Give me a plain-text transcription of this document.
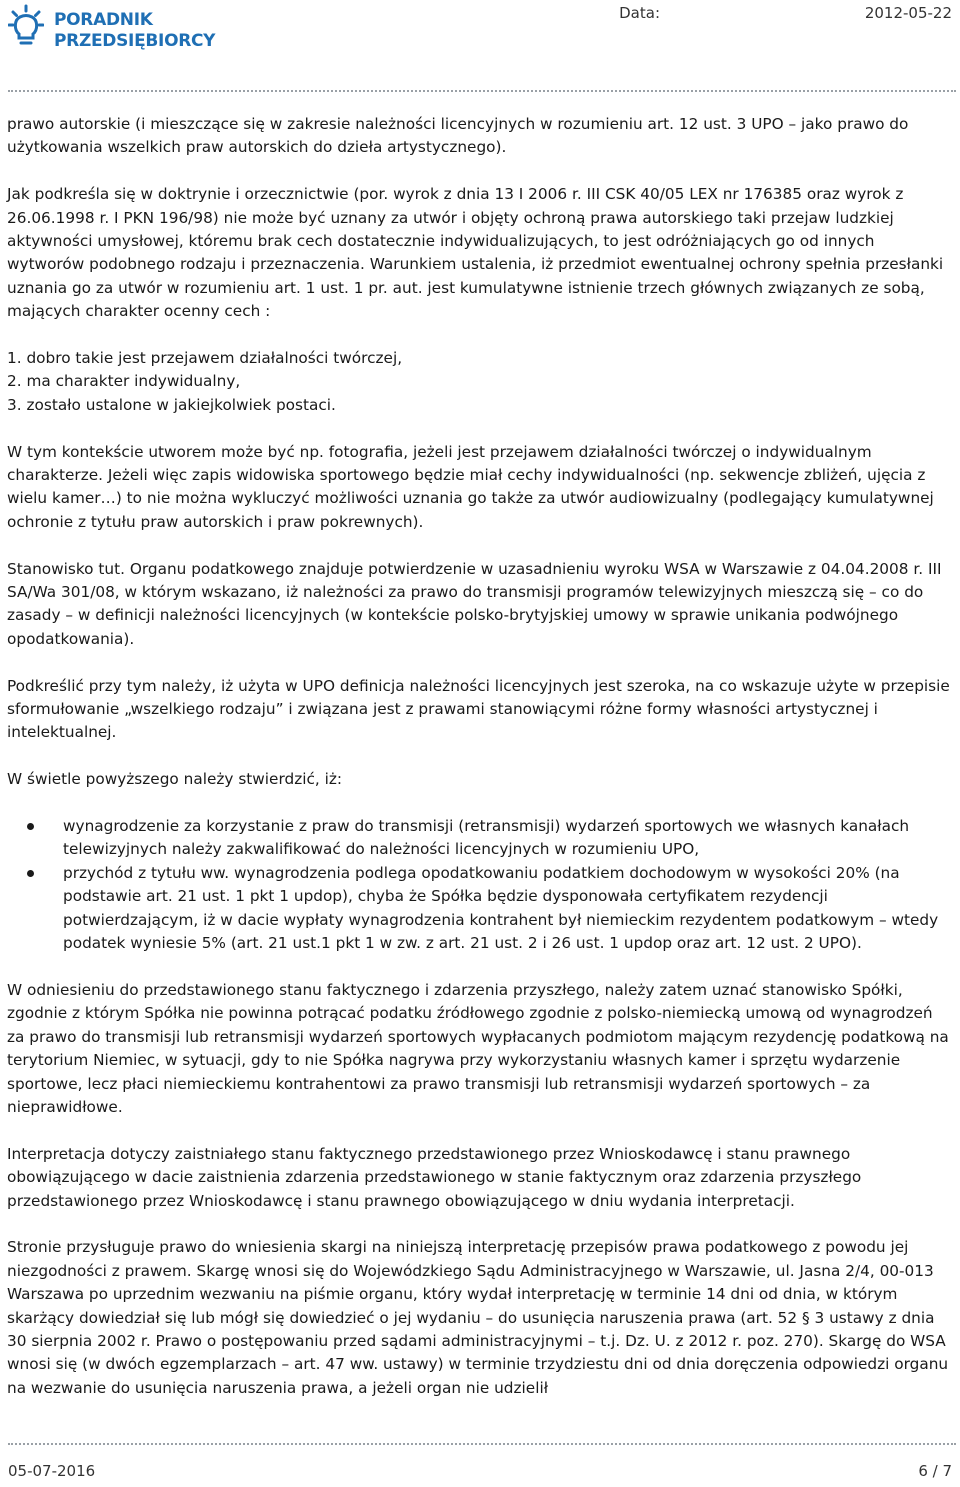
PORADNIK
PRZEDSIĘBIORCY
Data:	2012-05-22

prawo autorskie (i mieszczące się w zakresie należności licencyjnych w rozumieniu art. 12 ust. 3 UPO – jako prawo do użytkowania wszelkich praw autorskich do dzieła artystycznego).

Jak podkreśla się w doktrynie i orzecznictwie (por. wyrok z dnia 13 I 2006 r. III CSK 40/05 LEX nr 176385 oraz wyrok z 26.06.1998 r. I PKN 196/98) nie może być uznany za utwór i objęty ochroną prawa autorskiego taki przejaw ludzkiej aktywności umysłowej, któremu brak cech dostatecznie indywidualizujących, to jest odróżniających go od innych wytworów podobnego rodzaju i przeznaczenia. Warunkiem ustalenia, iż przedmiot ewentualnej ochrony spełnia przesłanki uznania go za utwór w rozumieniu art. 1 ust. 1 pr. aut. jest kumulatywne istnienie trzech głównych związanych ze sobą, mających charakter ocenny cech :

1. dobro takie jest przejawem działalności twórczej,
2. ma charakter indywidualny,
3. zostało ustalone w jakiejkolwiek postaci.

W tym kontekście utworem może być np. fotografia, jeżeli jest przejawem działalności twórczej o indywidualnym charakterze. Jeżeli więc zapis widowiska sportowego będzie miał cechy indywidualności (np. sekwencje zbliżeń, ujęcia z wielu kamer…) to nie można wykluczyć możliwości uznania go także za utwór audiowizualny (podlegający kumulatywnej ochronie z tytułu praw autorskich i praw pokrewnych).

Stanowisko tut. Organu podatkowego znajduje potwierdzenie w uzasadnieniu wyroku WSA w Warszawie z 04.04.2008 r. III SA/Wa 301/08, w którym wskazano, iż należności za prawo do transmisji programów telewizyjnych mieszczą się – co do zasady – w definicji należności licencyjnych (w kontekście polsko-brytyjskiej umowy w sprawie unikania podwójnego opodatkowania).

Podkreślić przy tym należy, iż użyta w UPO definicja należności licencyjnych jest szeroka, na co wskazuje użyte w przepisie sformułowanie „wszelkiego rodzaju” i związana jest z prawami stanowiącymi różne formy własności artystycznej i intelektualnej.

W świetle powyższego należy stwierdzić, iż:

wynagrodzenie za korzystanie z praw do transmisji (retransmisji) wydarzeń sportowych we własnych kanałach telewizyjnych należy zakwalifikować do należności licencyjnych w rozumieniu UPO,
przychód z tytułu ww. wynagrodzenia podlega opodatkowaniu podatkiem dochodowym w wysokości 20% (na podstawie art. 21 ust. 1 pkt 1 updop), chyba że Spółka będzie dysponowała certyfikatem rezydencji potwierdzającym, iż w dacie wypłaty wynagrodzenia kontrahent był niemieckim rezydentem podatkowym – wtedy podatek wyniesie 5% (art. 21 ust.1 pkt 1 w zw. z art. 21 ust. 2 i 26 ust. 1 updop oraz art. 12 ust. 2 UPO).

W odniesieniu do przedstawionego stanu faktycznego i zdarzenia przyszłego, należy zatem uznać stanowisko Spółki, zgodnie z którym Spółka nie powinna potrącać podatku źródłowego zgodnie z polsko-niemiecką umową od wynagrodzeń za prawo do transmisji lub retransmisji wydarzeń sportowych wypłacanych podmiotom mającym rezydencję podatkową na terytorium Niemiec, w sytuacji, gdy to nie Spółka nagrywa przy wykorzystaniu własnych kamer i sprzętu wydarzenie sportowe, lecz płaci niemieckiemu kontrahentowi za prawo transmisji lub retransmisji wydarzeń sportowych – za nieprawidłowe.

Interpretacja dotyczy zaistniałego stanu faktycznego przedstawionego przez Wnioskodawcę i stanu prawnego obowiązującego w dacie zaistnienia zdarzenia przedstawionego w stanie faktycznym oraz zdarzenia przyszłego przedstawionego przez Wnioskodawcę i stanu prawnego obowiązującego w dniu wydania interpretacji.

Stronie przysługuje prawo do wniesienia skargi na niniejszą interpretację przepisów prawa podatkowego z powodu jej niezgodności z prawem. Skargę wnosi się do Wojewódzkiego Sądu Administracyjnego w Warszawie, ul. Jasna 2/4, 00-013 Warszawa po uprzednim wezwaniu na piśmie organu, który wydał interpretację w terminie 14 dni od dnia, w którym skarżący dowiedział się lub mógł się dowiedzieć o jej wydaniu – do usunięcia naruszenia prawa (art. 52 § 3 ustawy z dnia 30 sierpnia 2002 r. Prawo o postępowaniu przed sądami administracyjnymi – t.j. Dz. U. z 2012 r. poz. 270). Skargę do WSA wnosi się (w dwóch egzemplarzach – art. 47 ww. ustawy) w terminie trzydziestu dni od dnia doręczenia odpowiedzi organu na wezwanie do usunięcia naruszenia prawa, a jeżeli organ nie udzielił

05-07-2016	6 / 7
